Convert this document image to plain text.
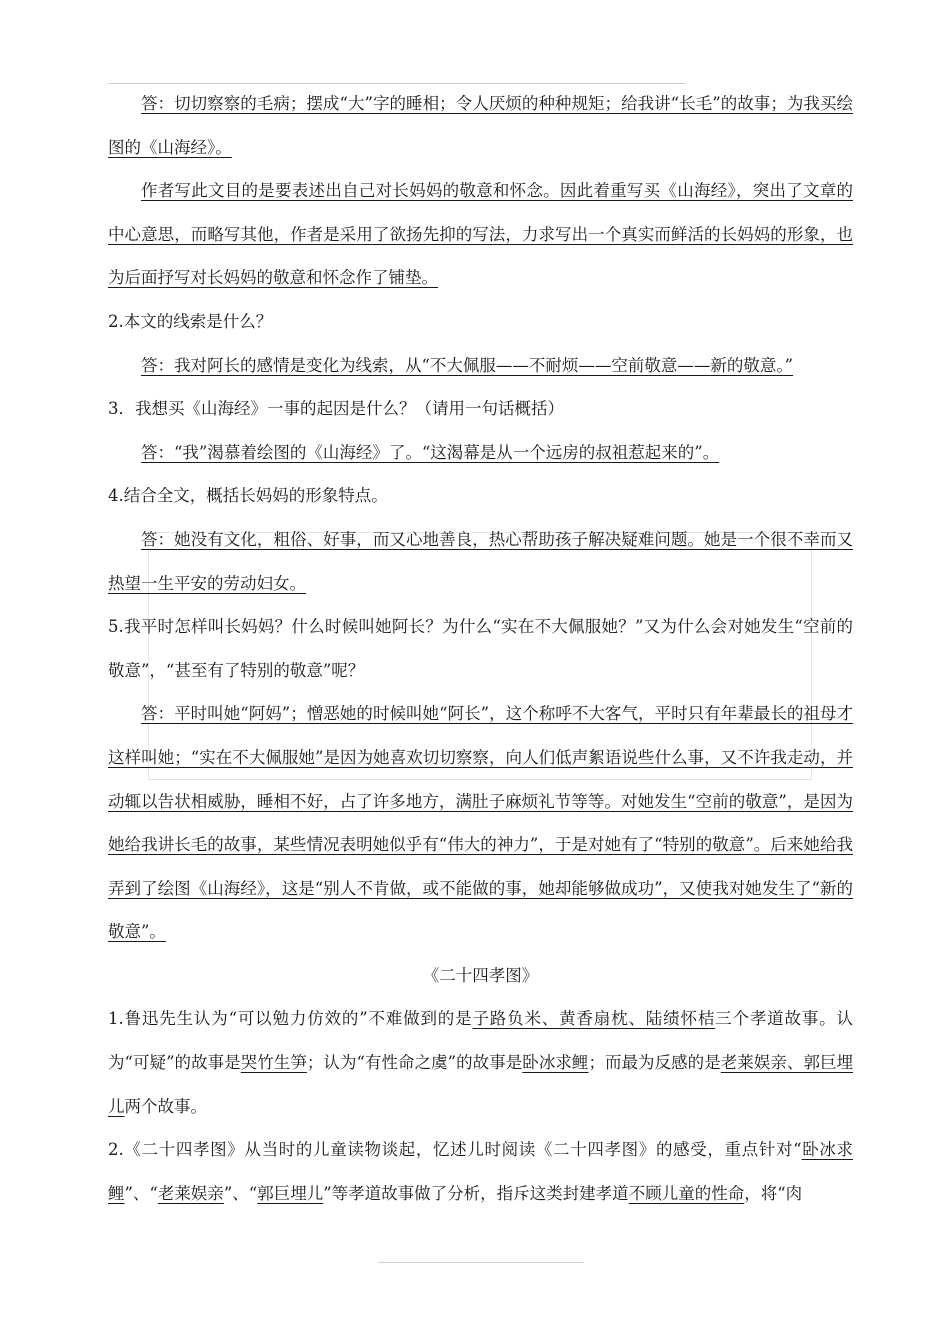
答：切切察察的毛病；摆成“大”字的睡相；令人厌烦的种种规矩；给我讲“长毛”的故事；为我买绘图的《山海经》。

作者写此文目的是要表述出自己对长妈妈的敬意和怀念。因此着重写买《山海经》，突出了文章的中心意思，而略写其他，作者是采用了欲扬先抑的写法，力求写出一个真实而鲜活的长妈妈的形象，也为后面抒写对长妈妈的敬意和怀念作了铺垫。

2.本文的线索是什么？

答：我对阿长的感情是变化为线索，从“不大佩服——不耐烦——空前敬意——新的敬意。”

3．我想买《山海经》一事的起因是什么？（请用一句话概括）

答：“我”渴慕着绘图的《山海经》了。“这渴幕是从一个远房的叔祖惹起来的”。

4.结合全文，概括长妈妈的形象特点。

答：她没有文化，粗俗、好事，而又心地善良，热心帮助孩子解决疑难问题。她是一个很不幸而又热望一生平安的劳动妇女。

5.我平时怎样叫长妈妈？什么时候叫她阿长？为什么“实在不大佩服她？”又为什么会对她发生“空前的敬意”，“甚至有了特别的敬意”呢？

答：平时叫她“阿妈”；憎恶她的时候叫她“阿长”，这个称呼不大客气，平时只有年辈最长的祖母才这样叫她；“实在不大佩服她”是因为她喜欢切切察察，向人们低声絮语说些什么事，又不许我走动，并动辄以告状相威胁，睡相不好，占了许多地方，满肚子麻烦礼节等等。对她发生“空前的敬意”，是因为她给我讲长毛的故事，某些情况表明她似乎有“伟大的神力”，于是对她有了“特别的敬意”。后来她给我弄到了绘图《山海经》，这是“别人不肯做，或不能做的事，她却能够做成功”，又使我对她发生了“新的敬意”。

《二十四孝图》

1.鲁迅先生认为“可以勉力仿效的”不难做到的是子路负米、黄香扇枕、陆绩怀桔三个孝道故事。认为“可疑”的故事是哭竹生笋；认为“有性命之虞”的故事是卧冰求鲤；而最为反感的是老莱娱亲、郭巨埋儿两个故事。

2.《二十四孝图》从当时的儿童读物谈起，忆述儿时阅读《二十四孝图》的感受，重点针对“卧冰求鲤”、“老莱娱亲”、“郭巨埋儿”等孝道故事做了分析，指斥这类封建孝道不顾儿童的性命，将“肉
